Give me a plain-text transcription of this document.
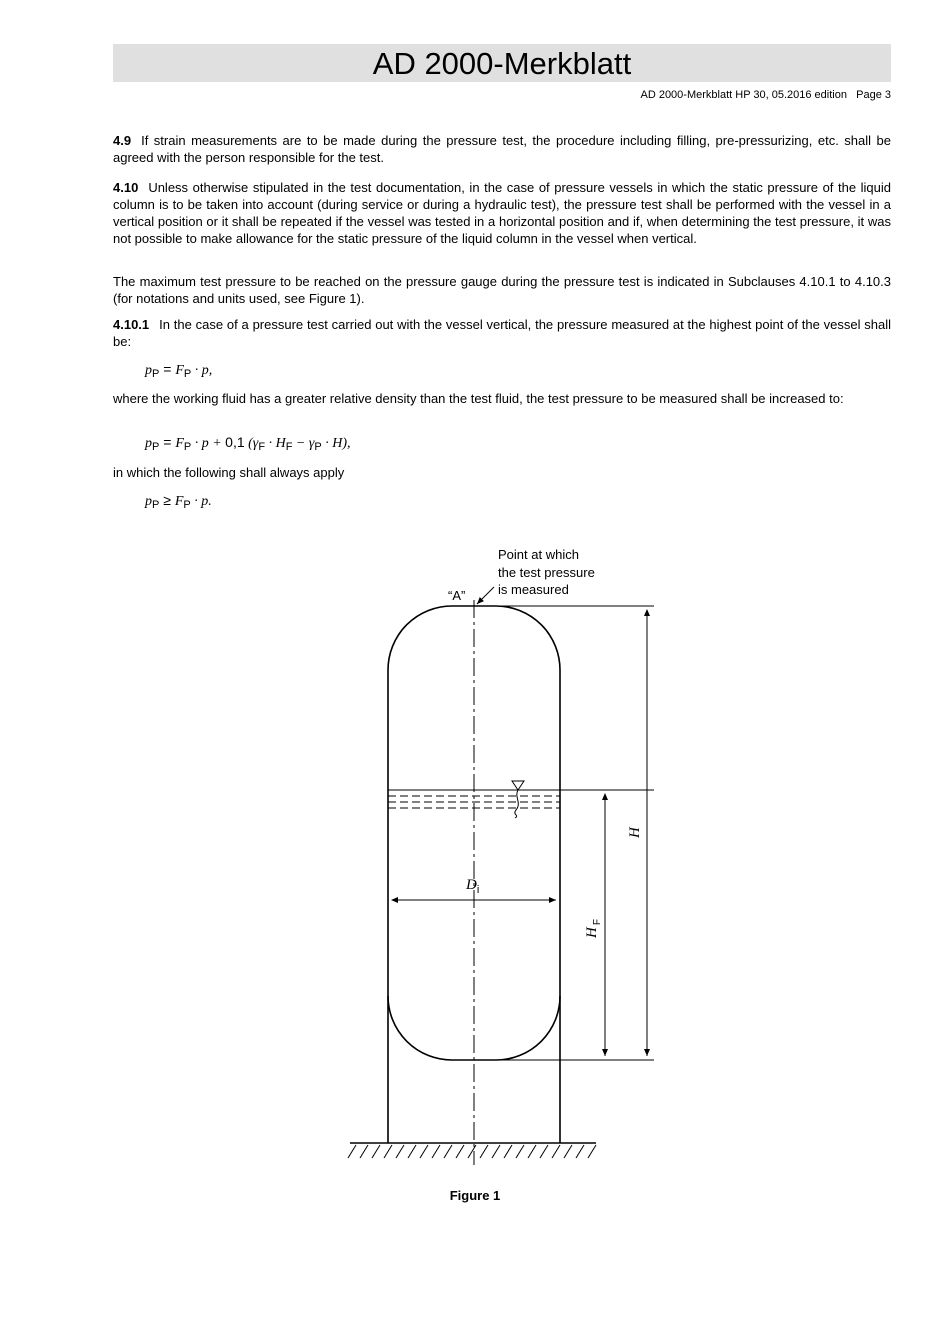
AD 2000-Merkblatt
AD 2000-Merkblatt HP 30, 05.2016 edition   Page 3

4.9 If strain measurements are to be made during the pressure test, the procedure including filling, pre-pressurizing, etc. shall be agreed with the person responsible for the test.

4.10 Unless otherwise stipulated in the test documentation, in the case of pressure vessels in which the static pressure of the liquid column is to be taken into account (during service or during a hydraulic test), the pressure test shall be performed with the vessel in a vertical position or it shall be repeated if the vessel was tested in a horizontal position and if, when determining the test pressure, it was not possible to make allowance for the static pressure of the liquid column in the vessel when vertical.

The maximum test pressure to be reached on the pressure gauge during the pressure test is indicated in Subclauses 4.10.1 to 4.10.3 (for notations and units used, see Figure 1).

4.10.1 In the case of a pressure test carried out with the vessel vertical, the pressure measured at the highest point of the vessel shall be:

$p_P = F_P \cdot p$,

where the working fluid has a greater relative density than the test fluid, the test pressure to be measured shall be increased to:

$p_P = F_P \cdot p + 0,1$ $(\gamma_F \cdot H_F - \gamma_P \cdot H)$,

in which the following shall always apply

$p_P \ge F_P \cdot p$.
H
$H_F$
$D_i$
“A”
Point at which
the test pressure
is measured
Figure 1
